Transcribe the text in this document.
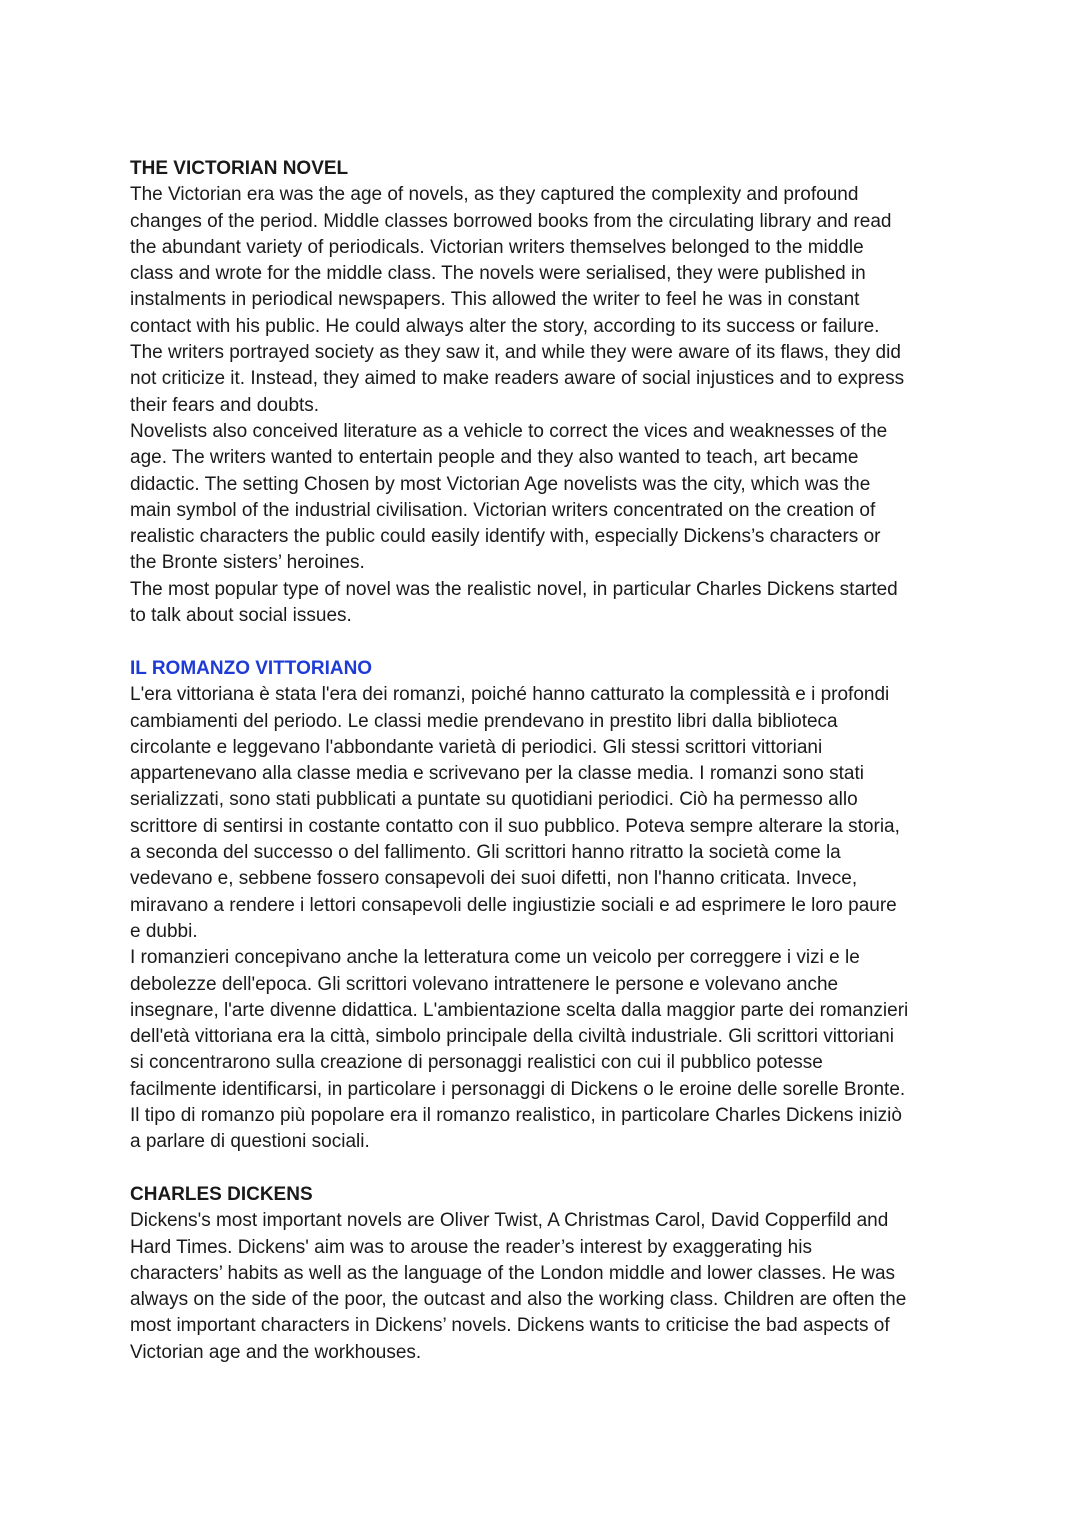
THE VICTORIAN NOVEL
The Victorian era was the age of novels, as they captured the complexity and profound
changes of the period. Middle classes borrowed books from the circulating library and read
the abundant variety of periodicals. Victorian writers themselves belonged to the middle
class and wrote for the middle class. The novels were serialised, they were published in
instalments in periodical newspapers. This allowed the writer to feel he was in constant
contact with his public. He could always alter the story, according to its success or failure.
The writers portrayed society as they saw it, and while they were aware of its flaws, they did
not criticize it. Instead, they aimed to make readers aware of social injustices and to express
their fears and doubts.
Novelists also conceived literature as a vehicle to correct the vices and weaknesses of the
age. The writers wanted to entertain people and they also wanted to teach, art became
didactic. The setting Chosen by most Victorian Age novelists was the city, which was the
main symbol of the industrial civilisation. Victorian writers concentrated on the creation of
realistic characters the public could easily identify with, especially Dickens’s characters or
the Bronte sisters’ heroines.
The most popular type of novel was the realistic novel, in particular Charles Dickens started
to talk about social issues.
IL ROMANZO VITTORIANO
L'era vittoriana è stata l'era dei romanzi, poiché hanno catturato la complessità e i profondi
cambiamenti del periodo. Le classi medie prendevano in prestito libri dalla biblioteca
circolante e leggevano l'abbondante varietà di periodici. Gli stessi scrittori vittoriani
appartenevano alla classe media e scrivevano per la classe media. I romanzi sono stati
serializzati, sono stati pubblicati a puntate su quotidiani periodici. Ciò ha permesso allo
scrittore di sentirsi in costante contatto con il suo pubblico. Poteva sempre alterare la storia,
a seconda del successo o del fallimento. Gli scrittori hanno ritratto la società come la
vedevano e, sebbene fossero consapevoli dei suoi difetti, non l'hanno criticata. Invece,
miravano a rendere i lettori consapevoli delle ingiustizie sociali e ad esprimere le loro paure
e dubbi.
I romanzieri concepivano anche la letteratura come un veicolo per correggere i vizi e le
debolezze dell'epoca. Gli scrittori volevano intrattenere le persone e volevano anche
insegnare, l'arte divenne didattica. L'ambientazione scelta dalla maggior parte dei romanzieri
dell'età vittoriana era la città, simbolo principale della civiltà industriale. Gli scrittori vittoriani
si concentrarono sulla creazione di personaggi realistici con cui il pubblico potesse
facilmente identificarsi, in particolare i personaggi di Dickens o le eroine delle sorelle Bronte.
Il tipo di romanzo più popolare era il romanzo realistico, in particolare Charles Dickens iniziò
a parlare di questioni sociali.
CHARLES DICKENS
Dickens's most important novels are Oliver Twist, A Christmas Carol, David Copperfild and
Hard Times. Dickens' aim was to arouse the reader’s interest by exaggerating his
characters’ habits as well as the language of the London middle and lower classes. He was
always on the side of the poor, the outcast and also the working class. Children are often the
most important characters in Dickens’ novels. Dickens wants to criticise the bad aspects of
Victorian age and the workhouses.
